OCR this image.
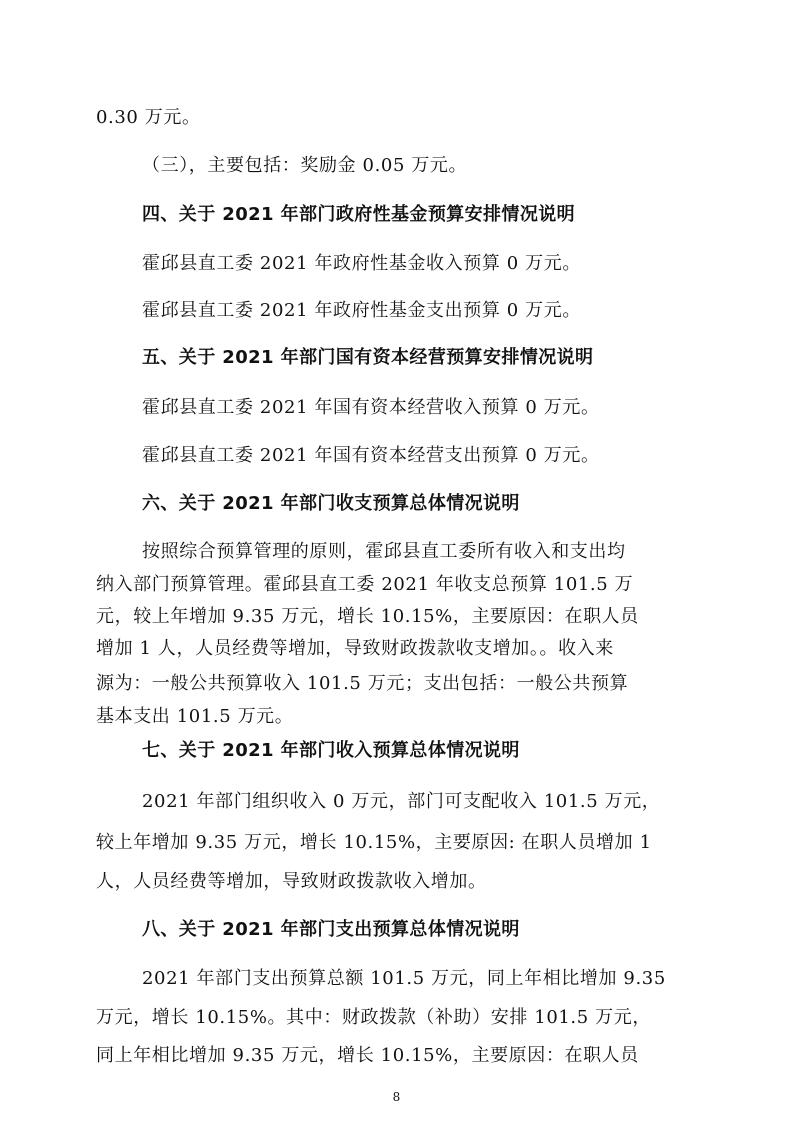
0.30 万元。
（三），主要包括：奖励金 0.05 万元。
四、关于 2021 年部门政府性基金预算安排情况说明
霍邱县直工委 2021 年政府性基金收入预算 0 万元。
霍邱县直工委 2021 年政府性基金支出预算 0 万元。
五、关于 2021 年部门国有资本经营预算安排情况说明
霍邱县直工委 2021 年国有资本经营收入预算 0 万元。
霍邱县直工委 2021 年国有资本经营支出预算 0 万元。
六、关于 2021 年部门收支预算总体情况说明
按照综合预算管理的原则，霍邱县直工委所有收入和支出均
纳入部门预算管理。霍邱县直工委 2021 年收支总预算 101.5 万
元，较上年增加 9.35 万元，增长 10.15%，主要原因：在职人员
增加 1 人，人员经费等增加，导致财政拨款收支增加。。收入来
源为：一般公共预算收入 101.5 万元；支出包括：一般公共预算
基本支出 101.5 万元。
七、关于 2021 年部门收入预算总体情况说明
2021 年部门组织收入 0 万元，部门可支配收入 101.5 万元，
较上年增加 9.35 万元，增长 10.15%，主要原因: 在职人员增加 1
人，人员经费等增加，导致财政拨款收入增加。
八、关于 2021 年部门支出预算总体情况说明
2021 年部门支出预算总额 101.5 万元，同上年相比增加 9.35
万元，增长 10.15%。其中：财政拨款（补助）安排 101.5 万元，
同上年相比增加 9.35 万元，增长 10.15%，主要原因：在职人员
8
